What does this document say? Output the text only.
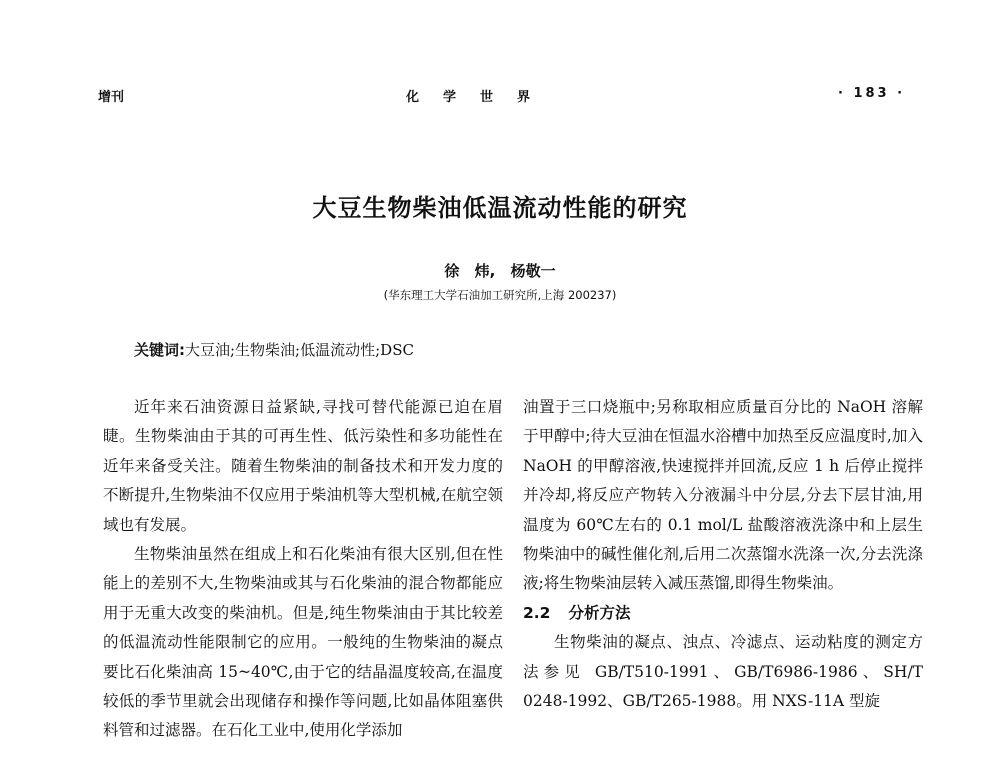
增刊	化学世界	· 183 ·
大豆生物柴油低温流动性能的研究
徐 炜, 杨敬一
(华东理工大学石油加工研究所,上海 200237)
关键词:大豆油;生物柴油;低温流动性;DSC

近年来石油资源日益紧缺,寻找可替代能源已迫在眉睫。生物柴油由于其的可再生性、低污染性和多功能性在近年来备受关注。随着生物柴油的制备技术和开发力度的不断提升,生物柴油不仅应用于柴油机等大型机械,在航空领域也有发展。

生物柴油虽然在组成上和石化柴油有很大区别,但在性能上的差别不大,生物柴油或其与石化柴油的混合物都能应用于无重大改变的柴油机。但是,纯生物柴油由于其比较差的低温流动性能限制它的应用。一般纯的生物柴油的凝点要比石化柴油高 15~40℃,由于它的结晶温度较高,在温度较低的季节里就会出现储存和操作等问题,比如晶体阻塞供料管和过滤器。在石化工业中,使用化学添加

油置于三口烧瓶中;另称取相应质量百分比的 NaOH 溶解于甲醇中;待大豆油在恒温水浴槽中加热至反应温度时,加入 NaOH 的甲醇溶液,快速搅拌并回流,反应 1 h 后停止搅拌并冷却,将反应产物转入分液漏斗中分层,分去下层甘油,用温度为 60℃左右的 0.1 mol/L 盐酸溶液洗涤中和上层生物柴油中的碱性催化剂,后用二次蒸馏水洗涤一次,分去洗涤液;将生物柴油层转入减压蒸馏,即得生物柴油。

2.2 分析方法

生物柴油的凝点、浊点、冷滤点、运动粘度的测定方法参见 GB/T510-1991、GB/T6986-1986、SH/T 0248-1992、GB/T265-1988。用 NXS-11A 型旋
